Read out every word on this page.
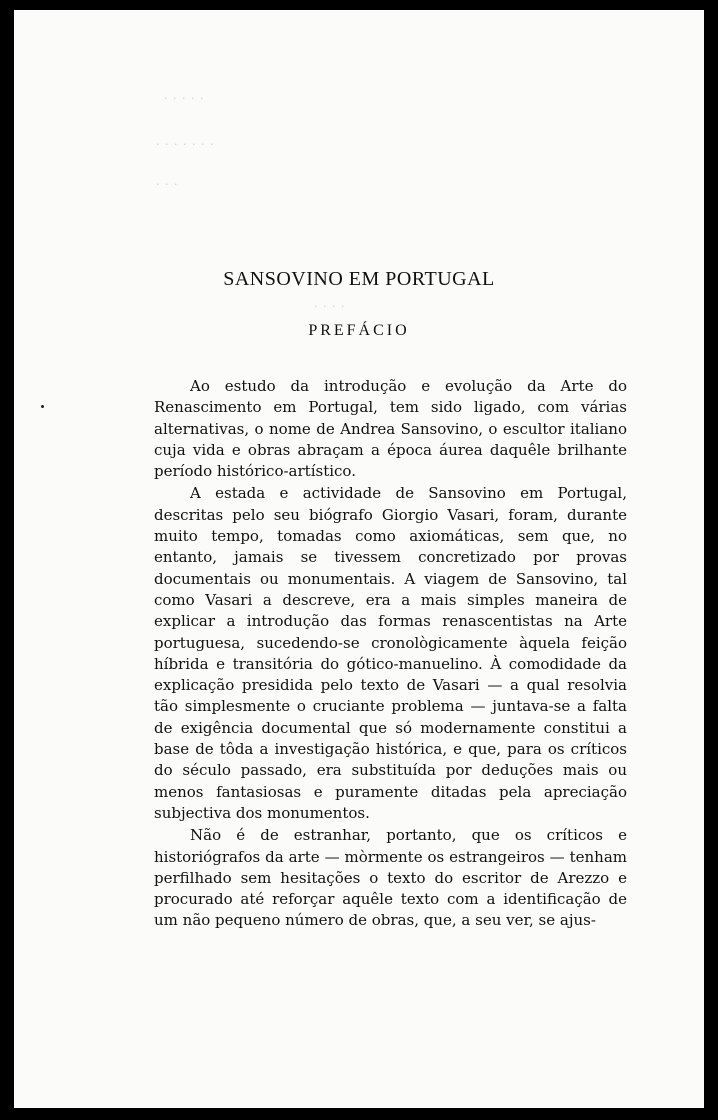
· · · · ·
· · · · · · ·
· · ·
· · · ·
SANSOVINO EM PORTUGAL
PREFÁCIO

Ao estudo da introdução e evolução da Arte do Renascimento em Portugal, tem sido ligado, com várias alternativas, o nome de Andrea Sansovino, o escultor italiano cuja vida e obras abraçam a época áurea daquêle brilhante período histórico-artístico.

A estada e actividade de Sansovino em Portugal, descritas pelo seu biógrafo Giorgio Vasari, foram, durante muito tempo, tomadas como axiomáticas, sem que, no entanto, jamais se tivessem concretizado por provas documentais ou monumentais. A viagem de Sansovino, tal como Vasari a descreve, era a mais simples maneira de explicar a introdução das formas renascentistas na Arte portuguesa, sucedendo-se cronològicamente àquela feição híbrida e transitória do gótico-manuelino. À comodidade da explicação presidida pelo texto de Vasari — a qual resolvia tão simplesmente o cruciante problema — juntava-se a falta de exigência documental que só modernamente constitui a base de tôda a investigação histórica, e que, para os críticos do século passado, era substituída por deduções mais ou menos fantasiosas e puramente ditadas pela apreciação subjectiva dos monumentos.

Não é de estranhar, portanto, que os críticos e historiógrafos da arte — mòrmente os estrangeiros — tenham perfilhado sem hesitações o texto do escritor de Arezzo e procurado até reforçar aquêle texto com a identificação de um não pequeno número de obras, que, a seu ver, se ajus-
